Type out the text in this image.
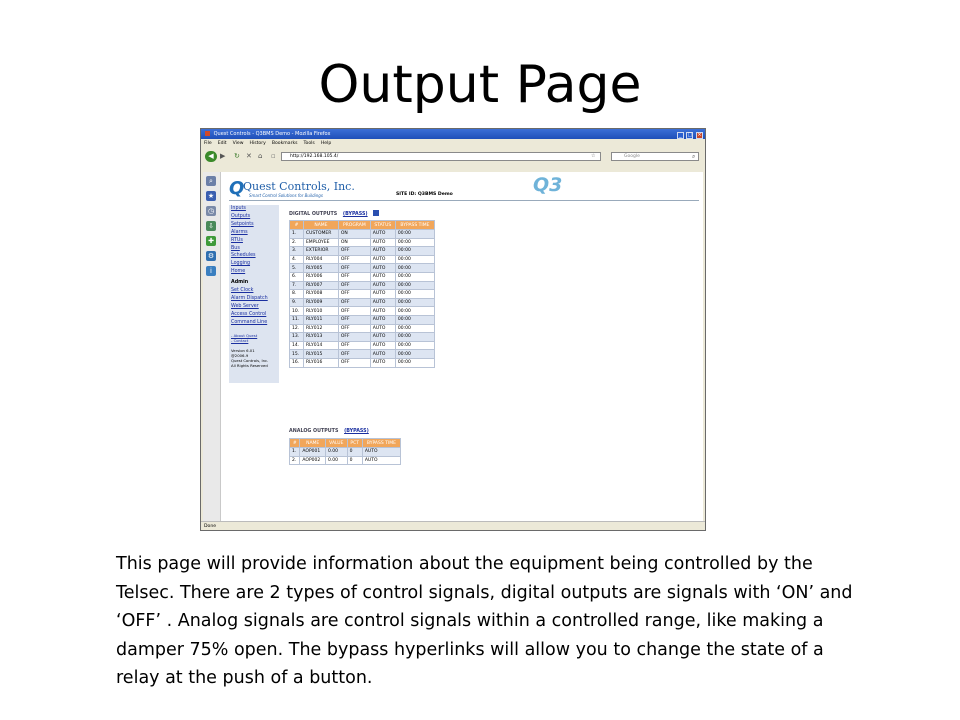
Output Page
Quest Controls - Q3BMS Demo - Mozilla Firefox	_ □ ×
File Edit View History Bookmarks Tools Help
◀ ▶ ↻ ✕ ⌂ ▫	http://192.168.105.4/	☆	Google	⌕
⌕
★
◷
⇩
✚
⚙
i
Q
Quest Controls, Inc.
Smart Control Solutions for Buildings	SITE ID: Q3BMS Demo	Q3
Inputs
Outputs
Setpoints
Alarms
RTUs
Bus
Schedules
Logging
Home
Admin
Set Clock
Alarm Dispatch
Web Server
Access Control
Command Line
- About Quest
- Contact
Version 6.01
@2006-9
Quest Controls, Inc.
All Rights Reserved
DIGITAL OUTPUTS (BYPASS)
#	NAME	PROGRAM	STATUS	BYPASS TIME
1.	CUSTOMER	ON	AUTO	00:00
2.	EMPLOYEE	ON	AUTO	00:00
3.	EXTERIOR	OFF	AUTO	00:00
4.	RLY004	OFF	AUTO	00:00
5.	RLY005	OFF	AUTO	00:00
6.	RLY006	OFF	AUTO	00:00
7.	RLY007	OFF	AUTO	00:00
8.	RLY008	OFF	AUTO	00:00
9.	RLY009	OFF	AUTO	00:00
10.	RLY010	OFF	AUTO	00:00
11.	RLY011	OFF	AUTO	00:00
12.	RLY012	OFF	AUTO	00:00
13.	RLY013	OFF	AUTO	00:00
14.	RLY014	OFF	AUTO	00:00
15.	RLY015	OFF	AUTO	00:00
16.	RLY016	OFF	AUTO	00:00
ANALOG OUTPUTS (BYPASS)
#	NAME	VALUE	PCT	BYPASS TIME
1.	AOP001	0.00	0	AUTO
2.	AOP002	0.00	0	AUTO
Done
This page will provide information about the equipment being controlled by the Telsec. There are 2 types of control signals, digital outputs are signals with ‘ON’ and ‘OFF’ . Analog signals are control signals within a controlled range, like making a damper 75% open. The bypass hyperlinks will allow you to change the state of a relay at the push of a button.
